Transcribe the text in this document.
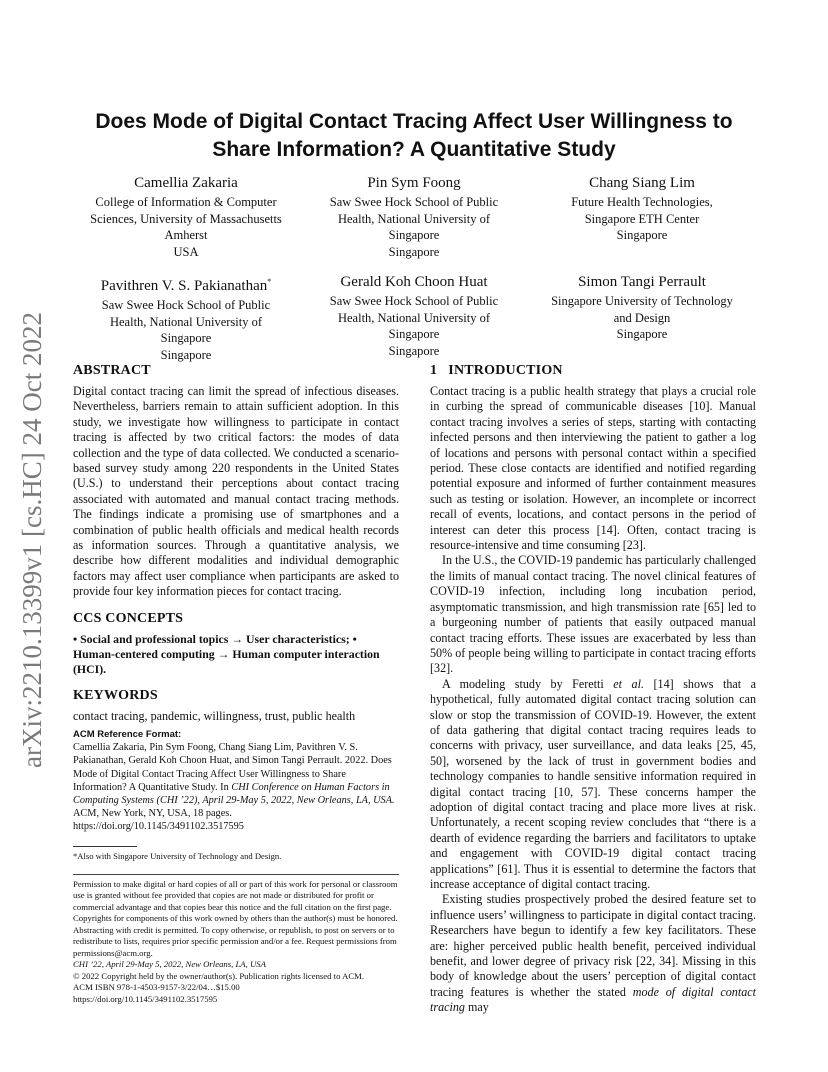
arXiv:2210.13399v1 [cs.HC] 24 Oct 2022
Does Mode of Digital Contact Tracing Affect User Willingness to
Share Information? A Quantitative Study
Camellia Zakaria
College of Information & Computer
Sciences, University of Massachusetts
Amherst
USA
Pin Sym Foong
Saw Swee Hock School of Public
Health, National University of
Singapore
Singapore
Chang Siang Lim
Future Health Technologies,
Singapore ETH Center
Singapore
Pavithren V. S. Pakianathan*
Saw Swee Hock School of Public
Health, National University of
Singapore
Singapore
Gerald Koh Choon Huat
Saw Swee Hock School of Public
Health, National University of
Singapore
Singapore
Simon Tangi Perrault
Singapore University of Technology
and Design
Singapore
ABSTRACT

Digital contact tracing can limit the spread of infectious diseases. Nevertheless, barriers remain to attain sufficient adoption. In this study, we investigate how willingness to participate in contact tracing is affected by two critical factors: the modes of data collection and the type of data collected. We conducted a scenario-based survey study among 220 respondents in the United States (U.S.) to understand their perceptions about contact tracing associated with automated and manual contact tracing methods. The findings indicate a promising use of smartphones and a combination of public health officials and medical health records as information sources. Through a quantitative analysis, we describe how different modalities and individual demographic factors may affect user compliance when participants are asked to provide four key information pieces for contact tracing.

CCS CONCEPTS

• Social and professional topics → User characteristics; • Human-centered computing → Human computer interaction (HCI).

KEYWORDS

contact tracing, pandemic, willingness, trust, public health

ACM Reference Format:

Camellia Zakaria, Pin Sym Foong, Chang Siang Lim, Pavithren V. S. Pakianathan, Gerald Koh Choon Huat, and Simon Tangi Perrault. 2022. Does Mode of Digital Contact Tracing Affect User Willingness to Share Information? A Quantitative Study. In CHI Conference on Human Factors in Computing Systems (CHI ’22), April 29-May 5, 2022, New Orleans, LA, USA. ACM, New York, NY, USA, 18 pages. https://doi.org/10.1145/3491102.3517595

*Also with Singapore University of Technology and Design.

Permission to make digital or hard copies of all or part of this work for personal or classroom use is granted without fee provided that copies are not made or distributed for profit or commercial advantage and that copies bear this notice and the full citation on the first page. Copyrights for components of this work owned by others than the author(s) must be honored. Abstracting with credit is permitted. To copy otherwise, or republish, to post on servers or to redistribute to lists, requires prior specific permission and/or a fee. Request permissions from permissions@acm.org.

CHI ’22, April 29-May 5, 2022, New Orleans, LA, USA

© 2022 Copyright held by the owner/author(s). Publication rights licensed to ACM.

ACM ISBN 978-1-4503-9157-3/22/04…$15.00

https://doi.org/10.1145/3491102.3517595

1   INTRODUCTION

Contact tracing is a public health strategy that plays a crucial role in curbing the spread of communicable diseases [10]. Manual contact tracing involves a series of steps, starting with contacting infected persons and then interviewing the patient to gather a log of locations and persons with personal contact within a specified period. These close contacts are identified and notified regarding potential exposure and informed of further containment measures such as testing or isolation. However, an incomplete or incorrect recall of events, locations, and contact persons in the period of interest can deter this process [14]. Often, contact tracing is resource-intensive and time consuming [23].

In the U.S., the COVID-19 pandemic has particularly challenged the limits of manual contact tracing. The novel clinical features of COVID-19 infection, including long incubation period, asymptomatic transmission, and high transmission rate [65] led to a burgeoning number of patients that easily outpaced manual contact tracing efforts. These issues are exacerbated by less than 50% of people being willing to participate in contact tracing efforts [32].

A modeling study by Feretti et al. [14] shows that a hypothetical, fully automated digital contact tracing solution can slow or stop the transmission of COVID-19. However, the extent of data gathering that digital contact tracing requires leads to concerns with privacy, user surveillance, and data leaks [25, 45, 50], worsened by the lack of trust in government bodies and technology companies to handle sensitive information required in digital contact tracing [10, 57]. These concerns hamper the adoption of digital contact tracing and place more lives at risk. Unfortunately, a recent scoping review concludes that “there is a dearth of evidence regarding the barriers and facilitators to uptake and engagement with COVID-19 digital contact tracing applications” [61]. Thus it is essential to determine the factors that increase acceptance of digital contact tracing.

Existing studies prospectively probed the desired feature set to influence users’ willingness to participate in digital contact tracing. Researchers have begun to identify a few key facilitators. These are: higher perceived public health benefit, perceived individual benefit, and lower degree of privacy risk [22, 34]. Missing in this body of knowledge about the users’ perception of digital contact tracing features is whether the stated mode of digital contact tracing may
